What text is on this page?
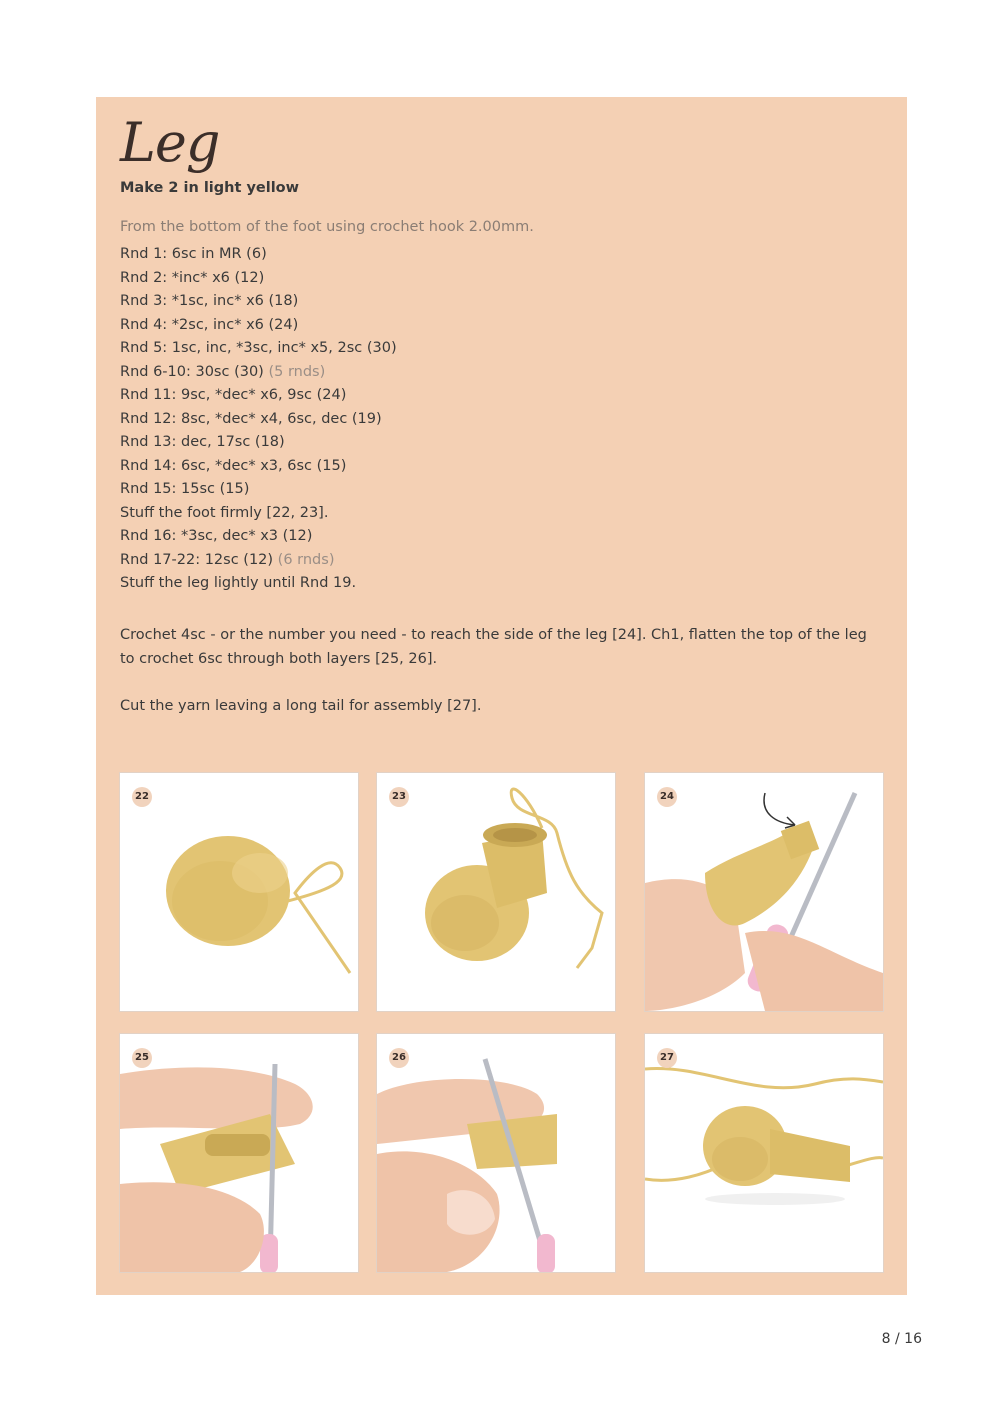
Leg
Make 2 in light yellow
From the bottom of the foot using crochet hook 2.00mm.
Rnd 1: 6sc in MR (6)
Rnd 2: *inc* x6 (12)
Rnd 3: *1sc, inc* x6 (18)
Rnd 4: *2sc, inc* x6 (24)
Rnd 5: 1sc, inc, *3sc, inc* x5, 2sc (30)
Rnd 6-10: 30sc (30) (5 rnds)
Rnd 11: 9sc, *dec* x6, 9sc (24)
Rnd 12: 8sc, *dec* x4, 6sc, dec (19)
Rnd 13: dec, 17sc (18)
Rnd 14: 6sc, *dec* x3, 6sc (15)
Rnd 15: 15sc (15)
Stuff the foot firmly [22, 23].
Rnd 16: *3sc, dec* x3 (12)
Rnd 17-22: 12sc (12) (6 rnds)
Stuff the leg lightly until Rnd 19.

Crochet 4sc - or the number you need - to reach the side of the leg [24]. Ch1, flatten the top of the leg to crochet 6sc through both layers [25, 26].

Cut the yarn leaving a long tail for assembly [27].

22	23	24
25	26	27
8 / 16
